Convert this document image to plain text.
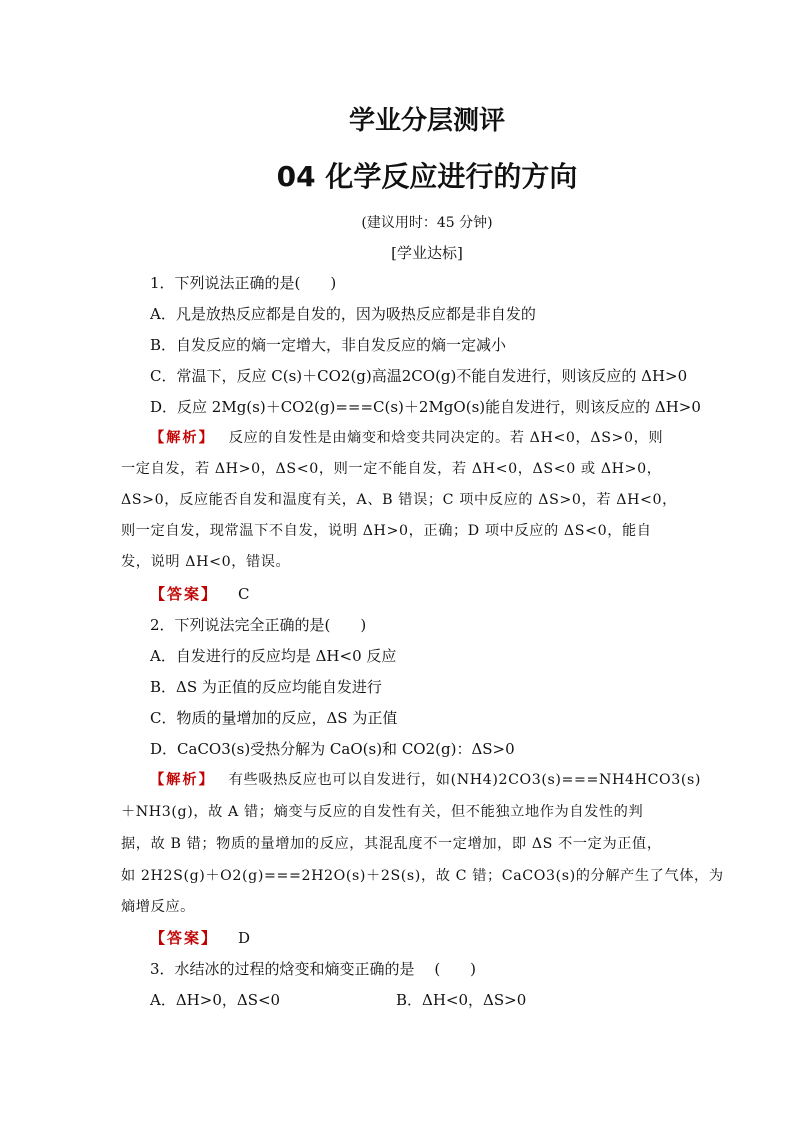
学业分层测评
04 化学反应进行的方向
(建议用时：45 分钟)
[学业达标]
1．下列说法正确的是(　　)
A．凡是放热反应都是自发的，因为吸热反应都是非自发的
B．自发反应的熵一定增大，非自发反应的熵一定减小
C．常温下，反应 C(s)＋CO2(g)高温2CO(g)不能自发进行，则该反应的 ΔH>0
D．反应 2Mg(s)＋CO2(g)===C(s)＋2MgO(s)能自发进行，则该反应的 ΔH>0
【解析】 反应的自发性是由熵变和焓变共同决定的。若 ΔH<0，ΔS>0，则
一定自发，若 ΔH>0，ΔS<0，则一定不能自发，若 ΔH<0，ΔS<0 或 ΔH>0，
ΔS>0，反应能否自发和温度有关，A、B 错误；C 项中反应的 ΔS>0，若 ΔH<0，
则一定自发，现常温下不自发，说明 ΔH>0，正确；D 项中反应的 ΔS<0，能自
发，说明 ΔH<0，错误。
【答案】 C
2．下列说法完全正确的是(　　)
A．自发进行的反应均是 ΔH<0 反应
B．ΔS 为正值的反应均能自发进行
C．物质的量增加的反应，ΔS 为正值
D．CaCO3(s)受热分解为 CaO(s)和 CO2(g)：ΔS>0
【解析】 有些吸热反应也可以自发进行，如(NH4)2CO3(s)===NH4HCO3(s)
＋NH3(g)，故 A 错；熵变与反应的自发性有关，但不能独立地作为自发性的判
据，故 B 错；物质的量增加的反应，其混乱度不一定增加，即 ΔS 不一定为正值，
如 2H2S(g)＋O2(g)===2H2O(s)＋2S(s)，故 C 错；CaCO3(s)的分解产生了气体，为
熵增反应。
【答案】 D
3．水结冰的过程的焓变和熵变正确的是　 (　　)
A．ΔH>0，ΔS<0	B．ΔH<0，ΔS>0
